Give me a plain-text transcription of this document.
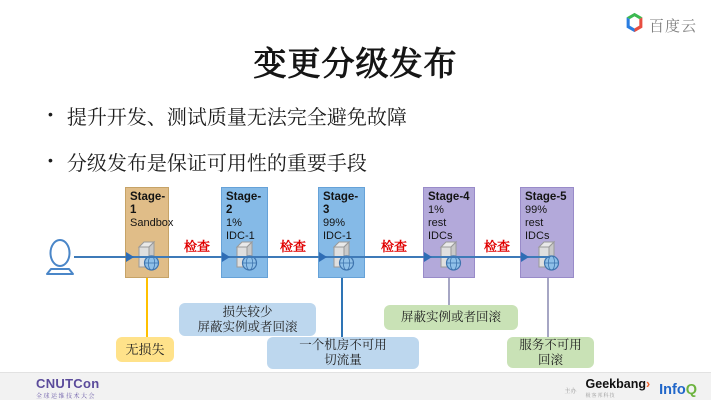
百度云
变更分级发布
• 提升开发、测试质量无法完全避免故障
• 分级发布是保证可用性的重要手段
Stage-1
Sandbox
Stage-2
1%
IDC-1
Stage-3
99%
IDC-1
Stage-4
1%
rest IDCs
Stage-5
99%
rest IDCs
检查	检查	检查	检查
无损失
损失较少
屏蔽实例或者回滚
一个机房不可用
切流量
屏蔽实例或者回滚
服务不可用
回滚
CNUTCon
全球运维技术大会
主办
Geekbang›
极客邦科技	InfoQ
